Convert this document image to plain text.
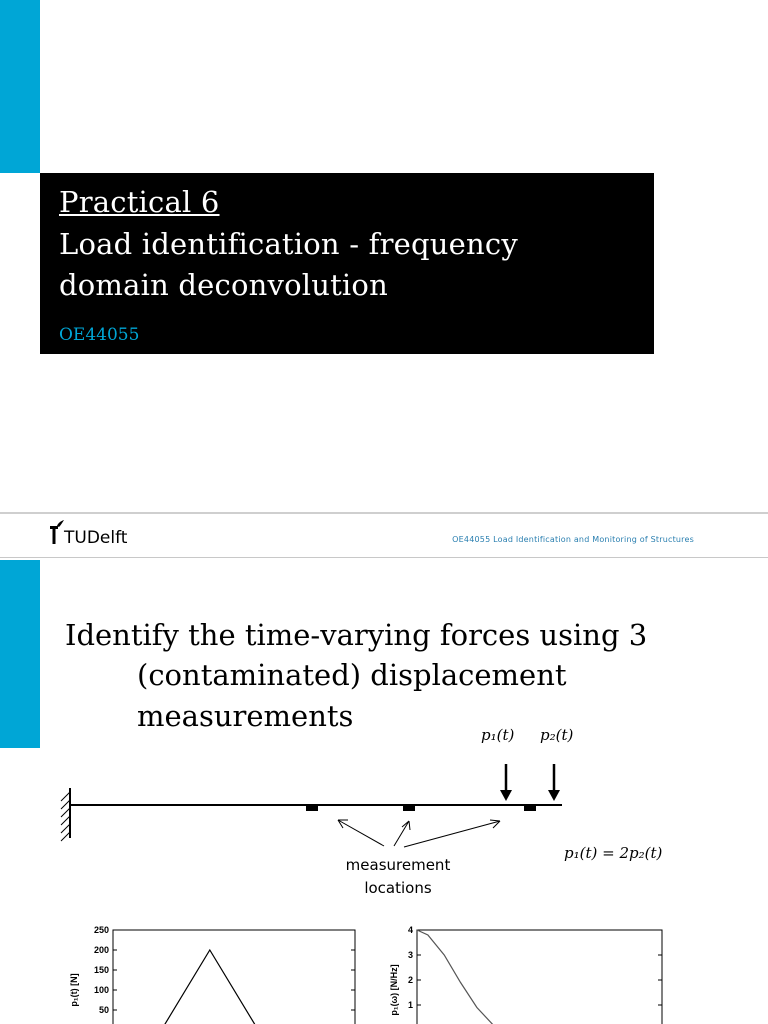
Practical 6
Load identification - frequency
domain deconvolution
OE44055
TUDelft	OE44055 Load Identification and Monitoring of Structures
Identify the time-varying forces using 3
(contaminated) displacement
measurements
p₁(t) p₂(t)
p₁(t) = 2p₂(t)
measurement
locations
250
200
150
100
50
p₁(t) [N]
4
3
2
1
p₁(ω) [N/Hz]
